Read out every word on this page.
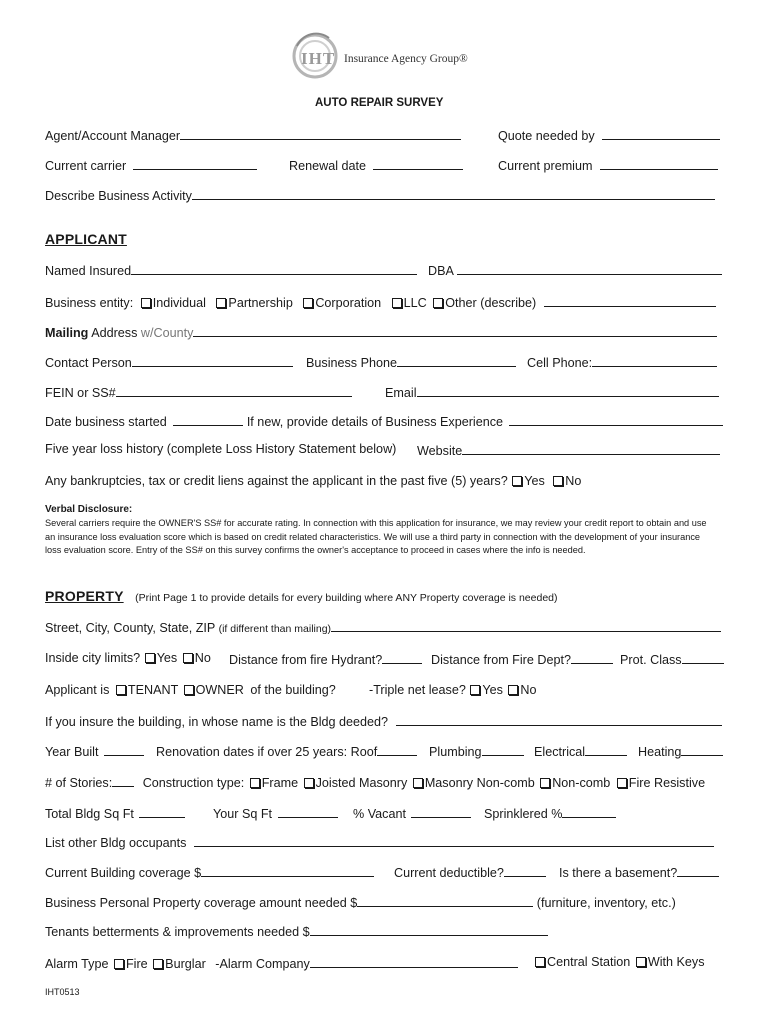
IHT Insurance Agency Group®
AUTO REPAIR SURVEY
Agent/Account Manager	Quote needed by
Current carrier	Renewal date	Current premium
Describe Business Activity
APPLICANT
Named Insured	DBA
Business entity: Individual Partnership Corporation LLC Other (describe)
Mailing Address w/County
Contact Person	Business Phone	Cell Phone:
FEIN or SS#	Email
Date business started	If new, provide details of Business Experience
Five year loss history (complete Loss History Statement below) Website
Any bankruptcies, tax or credit liens against the applicant in the past five (5) years? Yes No
Verbal Disclosure:
Several carriers require the OWNER'S SS# for accurate rating. In connection with this application for insurance, we may review your credit report to obtain and use
an insurance loss evaluation score which is based on credit related characteristics. We will use a third party in connection with the development of your insurance
loss evaluation score. Entry of the SS# on this survey confirms the owner's acceptance to proceed in cases where the info is needed.
PROPERTY (Print Page 1 to provide details for every building where ANY Property coverage is needed)
Street, City, County, State, ZIP (if different than mailing)
Inside city limits? Yes No Distance from fire Hydrant?	Distance from Fire Dept?	Prot. Class
Applicant is TENANT OWNER of the building?	-Triple net lease? Yes No
If you insure the building, in whose name is the Bldg deeded?
Year Built	Renovation dates if over 25 years: Roof	Plumbing	Electrical	Heating
# of Stories: Construction type: Frame Joisted Masonry Masonry Non-comb Non-comb Fire Resistive
Total Bldg Sq Ft	Your Sq Ft	% Vacant	Sprinklered %
List other Bldg occupants
Current Building coverage $	Current deductible?	Is there a basement?
Business Personal Property coverage amount needed $	(furniture, inventory, etc.)
Tenants betterments & improvements needed $
Alarm Type Fire Burglar -Alarm Company	Central Station With Keys
IHT0513
